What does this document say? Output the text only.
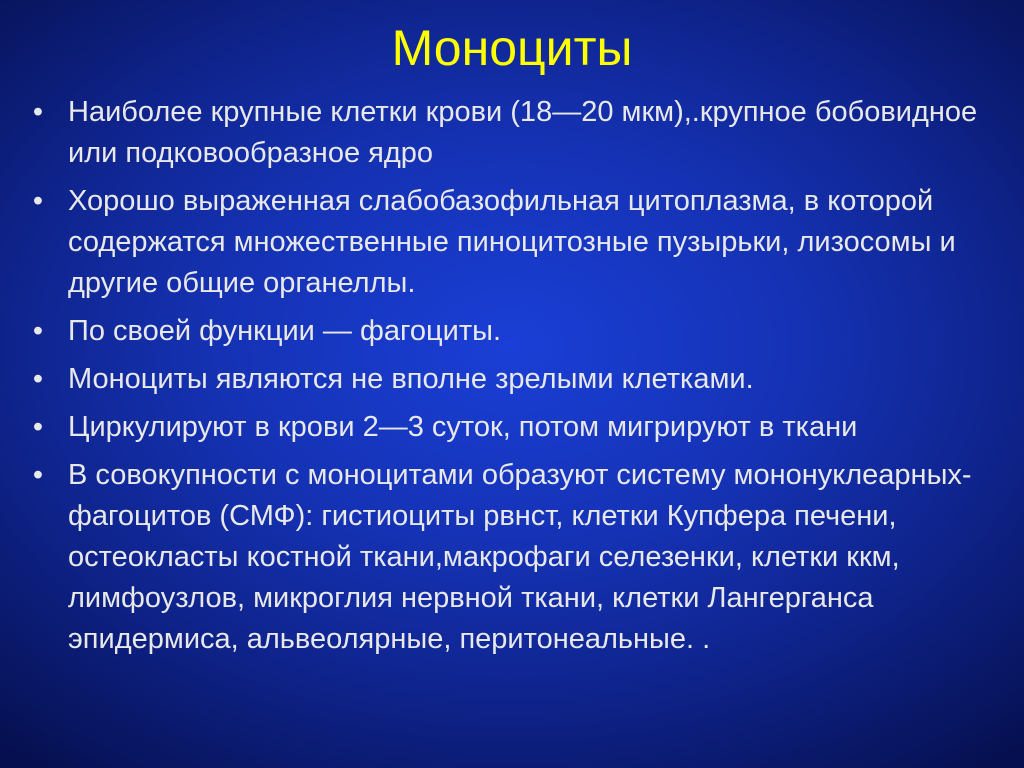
Моноциты
• Наиболее крупные клетки крови (18—20 мкм),.крупное бобовидное или подковообразное ядро
• Хорошо выраженная слабобазофильная цитоплазма, в которой содержатся множественные пиноцитозные пузырьки, лизосомы и другие общие органеллы.
• По своей функции — фагоциты.
• Моноциты являются не вполне зрелыми клетками.
• Циркулируют в крови 2—3 суток, потом мигрируют в ткани
• В совокупности с моноцитами образуют систему мононуклеарных-фагоцитов (СМФ): гистиоциты рвнст, клетки Купфера печени, остеокласты костной ткани,макрофаги селезенки, клетки ккм, лимфоузлов, микроглия нервной ткани, клетки Лангерганса эпидермиса, альвеолярные, перитонеальные. .
